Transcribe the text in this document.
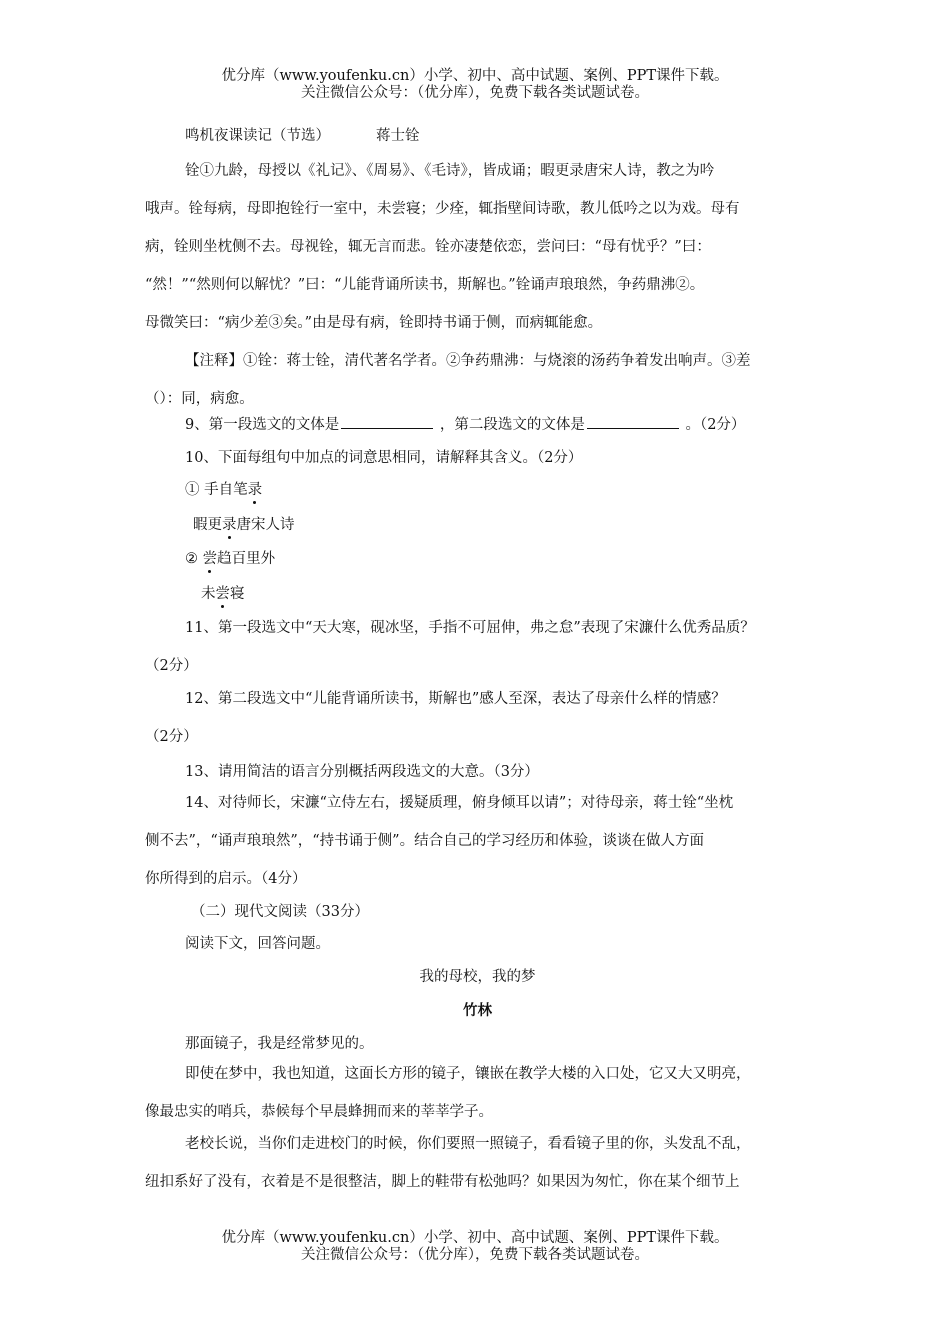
优分库（www.youfenku.cn）小学、初中、高中试题、案例、PPT课件下载。
关注微信公众号：（优分库），免费下载各类试题试卷。
鸣机夜课读记（节选）	蒋士铨
铨①九龄，母授以《礼记》、《周易》、《毛诗》，皆成诵；暇更录唐宋人诗，教之为吟
哦声。铨每病，母即抱铨行一室中，未尝寝；少痊，辄指壁间诗歌，教儿低吟之以为戏。母有
病，铨则坐枕侧不去。母视铨，辄无言而悲。铨亦凄楚依恋，尝问曰：“母有忧乎？”曰：
“然！”“然则何以解忧？”曰：“儿能背诵所读书，斯解也。”铨诵声琅琅然，争药鼎沸②。
母微笑曰：“病少差③矣。”由是母有病，铨即持书诵于侧，而病辄能愈。
【注释】①铨：蒋士铨，清代著名学者。②争药鼎沸：与烧滚的汤药争着发出响声。③差
（）：同，病愈。
9、第一段选文的文体是	，第二段选文的文体是	。（2分）
10、下面每组句中加点的词意思相同，请解释其含义。（2分）
① 手自笔录
暇更录唐宋人诗
② 尝趋百里外
未尝寝
11、第一段选文中“天大寒，砚冰坚，手指不可屈伸，弗之怠”表现了宋濂什么优秀品质？
（2分）
12、第二段选文中“儿能背诵所读书，斯解也”感人至深，表达了母亲什么样的情感？
（2分）
13、请用简洁的语言分别概括两段选文的大意。（3分）
14、对待师长，宋濂“立侍左右，援疑质理，俯身倾耳以请”；对待母亲，蒋士铨“坐枕
侧不去”，“诵声琅琅然”，“持书诵于侧”。结合自己的学习经历和体验，谈谈在做人方面
你所得到的启示。（4分）
（二）现代文阅读（33分）
阅读下文，回答问题。
我的母校，我的梦
竹林
那面镜子，我是经常梦见的。
即使在梦中，我也知道，这面长方形的镜子，镶嵌在教学大楼的入口处，它又大又明亮，
像最忠实的哨兵，恭候每个早晨蜂拥而来的莘莘学子。
老校长说，当你们走进校门的时候，你们要照一照镜子，看看镜子里的你，头发乱不乱，
纽扣系好了没有，衣着是不是很整洁，脚上的鞋带有松弛吗？如果因为匆忙，你在某个细节上
优分库（www.youfenku.cn）小学、初中、高中试题、案例、PPT课件下载。
关注微信公众号：（优分库），免费下载各类试题试卷。
